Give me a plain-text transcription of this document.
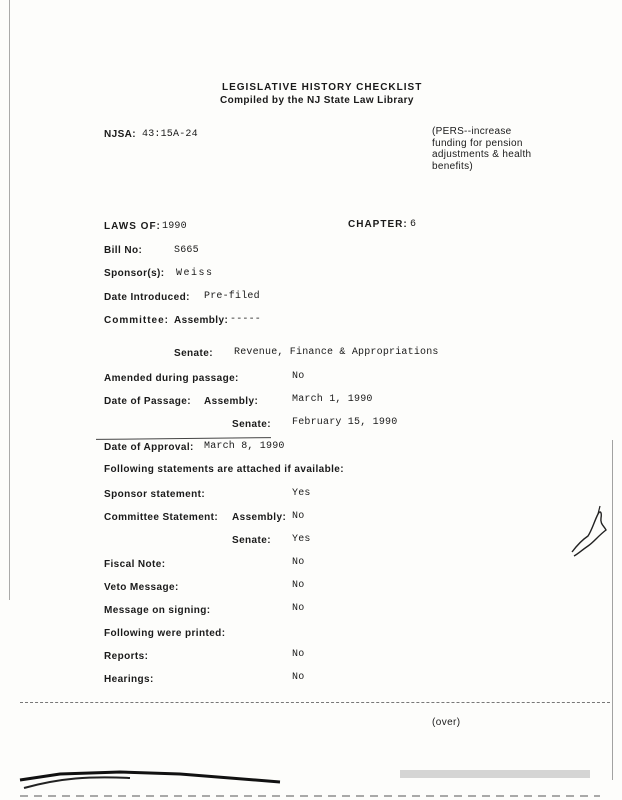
LEGISLATIVE HISTORY CHECKLIST
Compiled by the NJ State Law Library
NJSA: 43:15A-24	(PERS--increase funding for pension adjustments & health benefits)
LAWS OF: 1990	CHAPTER: 6
Bill No:	S665
Sponsor(s): Weiss
Date Introduced: Pre-filed
Committee: Assembly: -----
Senate: Revenue, Finance & Appropriations
Amended during passage:	No
Date of Passage: Assembly:	March 1, 1990
Senate: February 15, 1990
Date of Approval: March 8, 1990
Following statements are attached if available:
Sponsor statement:	Yes
Committee Statement: Assembly: No
Senate: Yes
Fiscal Note:	No
Veto Message:	No
Message on signing:	No
Following were printed:
Reports:	No
Hearings:	No
(over)
